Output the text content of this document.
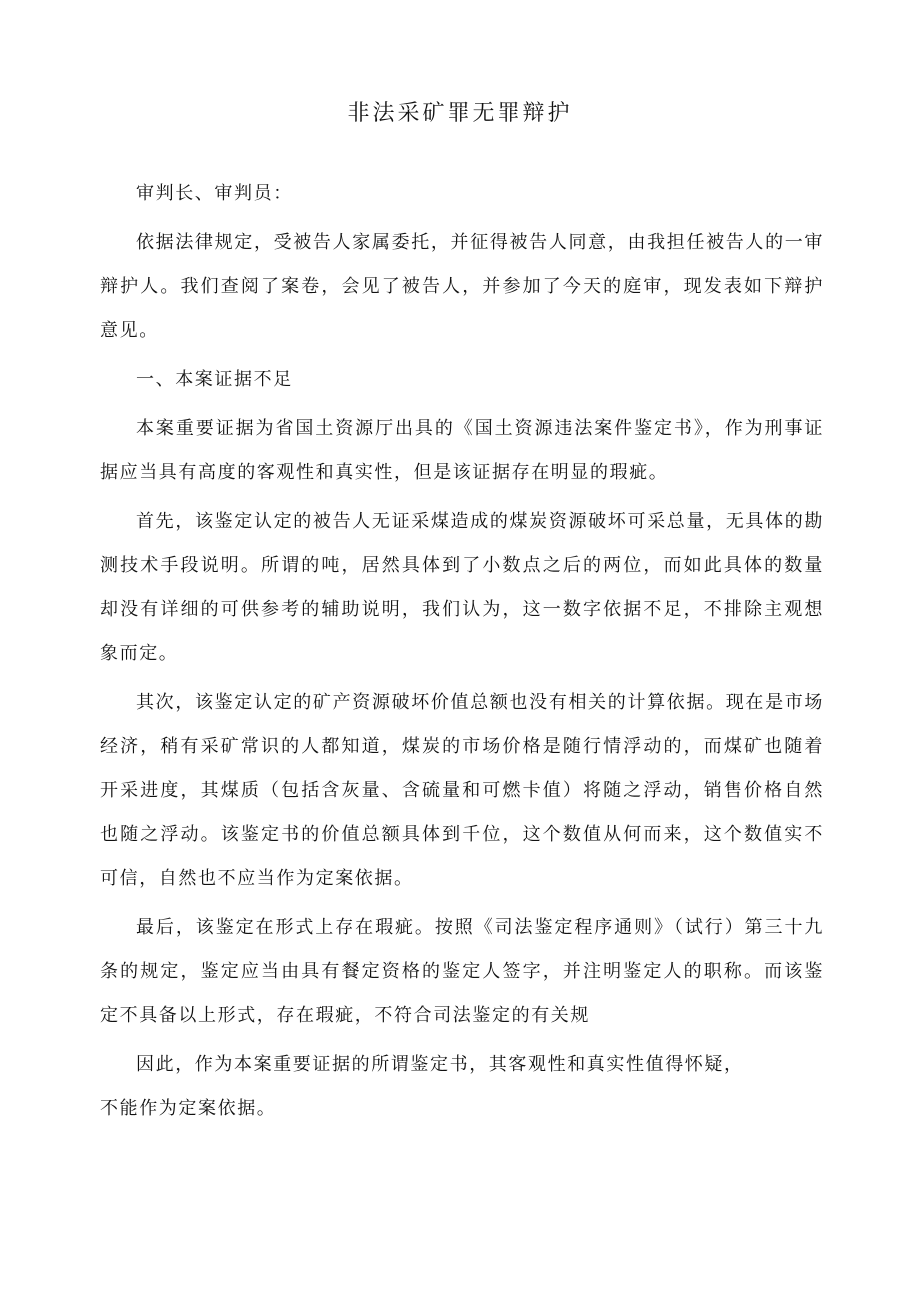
非法采矿罪无罪辩护

审判长、审判员：

依据法律规定，受被告人家属委托，并征得被告人同意，由我担任被告人的一审辩护人。我们查阅了案卷，会见了被告人，并参加了今天的庭审，现发表如下辩护意见。

一、本案证据不足

本案重要证据为省国土资源厅出具的《国土资源违法案件鉴定书》，作为刑事证据应当具有高度的客观性和真实性，但是该证据存在明显的瑕疵。

首先，该鉴定认定的被告人无证采煤造成的煤炭资源破坏可采总量，无具体的勘测技术手段说明。所谓的吨，居然具体到了小数点之后的两位，而如此具体的数量却没有详细的可供参考的辅助说明，我们认为，这一数字依据不足，不排除主观想象而定。

其次，该鉴定认定的矿产资源破坏价值总额也没有相关的计算依据。现在是市场经济，稍有采矿常识的人都知道，煤炭的市场价格是随行情浮动的，而煤矿也随着开采进度，其煤质（包括含灰量、含硫量和可燃卡值）将随之浮动，销售价格自然也随之浮动。该鉴定书的价值总额具体到千位，这个数值从何而来，这个数值实不可信，自然也不应当作为定案依据。

最后，该鉴定在形式上存在瑕疵。按照《司法鉴定程序通则》（试行）第三十九条的规定，鉴定应当由具有餐定资格的鉴定人签字，并注明鉴定人的职称。而该鉴定不具备以上形式，存在瑕疵，不符合司法鉴定的有关规

因此，作为本案重要证据的所谓鉴定书，其客观性和真实性值得怀疑，

不能作为定案依据。
